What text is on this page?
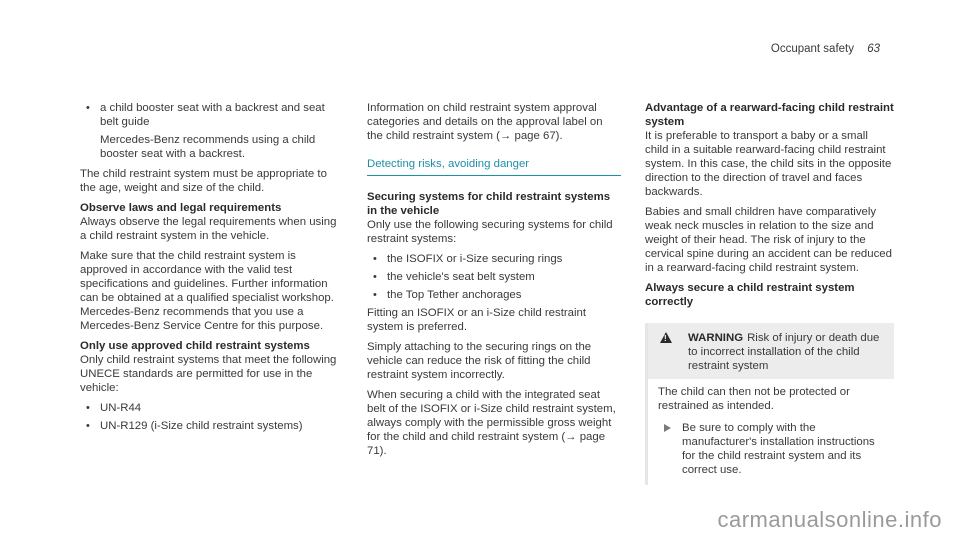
Occupant safety 63
• a child booster seat with a backrest and seat belt guide
Mercedes-Benz recommends using a child booster seat with a backrest.

The child restraint system must be appropriate to the age, weight and size of the child.

Observe laws and legal requirements

Always observe the legal requirements when using a child restraint system in the vehicle.

Make sure that the child restraint system is approved in accordance with the valid test specifications and guidelines. Further information can be obtained at a qualified specialist workshop. Mercedes-Benz recommends that you use a Mercedes-Benz Service Centre for this purpose.

Only use approved child restraint systems

Only child restraint systems that meet the following UNECE standards are permitted for use in the vehicle:

• UN-R44
• UN-R129 (i-Size child restraint systems)

Information on child restraint system approval categories and details on the approval label on the child restraint system (→ page 67).

Detecting risks, avoiding danger
Securing systems for child restraint systems in the vehicle

Only use the following securing systems for child restraint systems:

• the ISOFIX or i-Size securing rings
• the vehicle's seat belt system
• the Top Tether anchorages

Fitting an ISOFIX or an i-Size child restraint system is preferred.

Simply attaching to the securing rings on the vehicle can reduce the risk of fitting the child restraint system incorrectly.

When securing a child with the integrated seat belt of the ISOFIX or i-Size child restraint system, always comply with the permissible gross weight for the child and child restraint system (→ page 71).

Advantage of a rearward-facing child restraint system

It is preferable to transport a baby or a small child in a suitable rearward-facing child restraint system. In this case, the child sits in the opposite direction to the direction of travel and faces backwards.

Babies and small children have comparatively weak neck muscles in relation to the size and weight of their head. The risk of injury to the cervical spine during an accident can be reduced in a rearward-facing child restraint system.

Always secure a child restraint system correctly
!
WARNING Risk of injury or death due to incorrect installation of the child restraint system
The child can then not be protected or restrained as intended.
Be sure to comply with the manufacturer's installation instructions for the child restraint system and its correct use.
carmanualsonline.info
